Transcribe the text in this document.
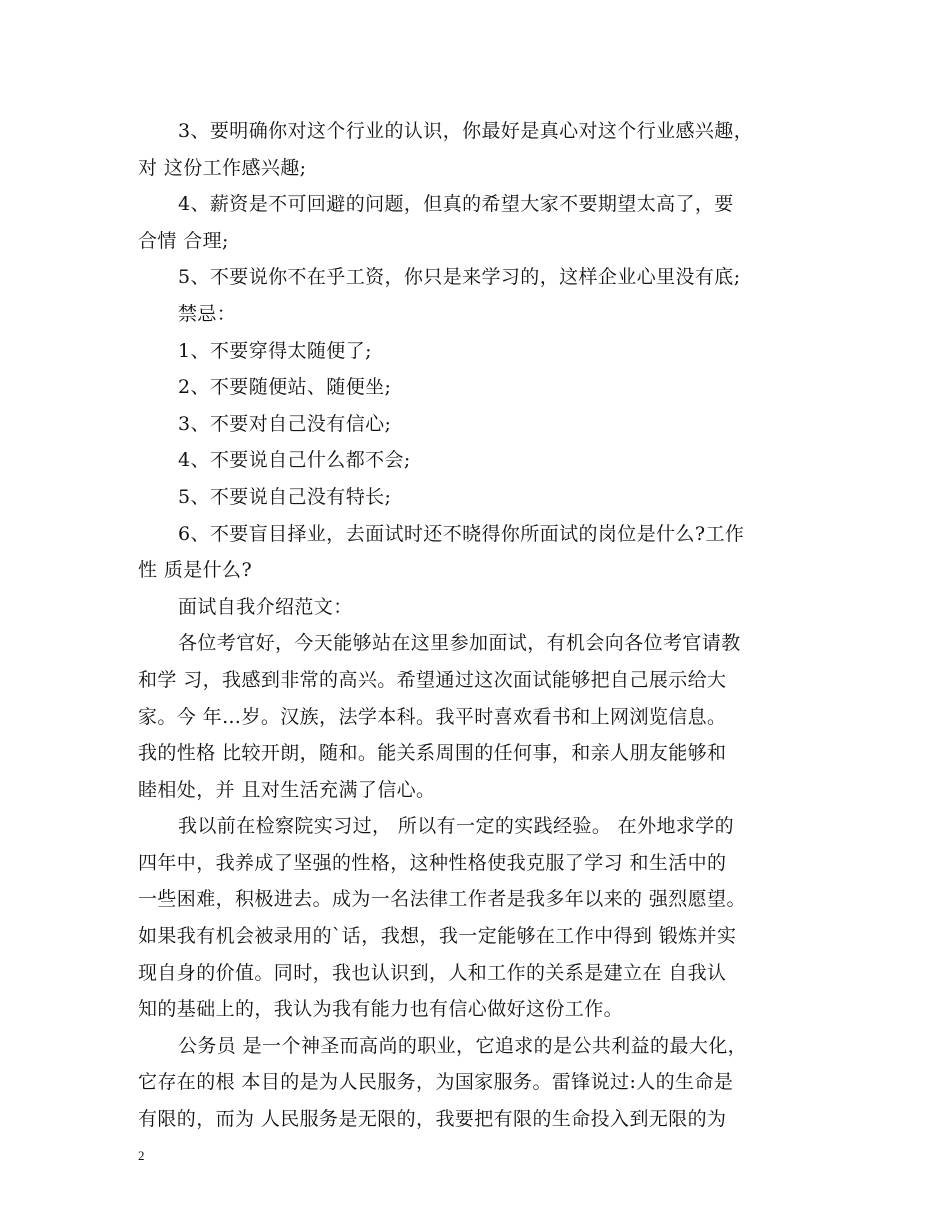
3、要明确你对这个行业的认识，你最好是真心对这个行业感兴趣，
对 这份工作感兴趣;
4、薪资是不可回避的问题，但真的希望大家不要期望太高了，要
合情 合理;
5、不要说你不在乎工资，你只是来学习的，这样企业心里没有底;
禁忌：
1、不要穿得太随便了;
2、不要随便站、随便坐;
3、不要对自己没有信心;
4、不要说自己什么都不会;
5、不要说自己没有特长;
6、不要盲目择业，去面试时还不晓得你所面试的岗位是什么?工作
性 质是什么?
面试自我介绍范文：
各位考官好，今天能够站在这里参加面试，有机会向各位考官请教
和学 习，我感到非常的高兴。希望通过这次面试能够把自己展示给大
家。今 年…岁。汉族，法学本科。我平时喜欢看书和上网浏览信息。
我的性格 比较开朗，随和。能关系周围的任何事，和亲人朋友能够和
睦相处，并 且对生活充满了信心。
我以前在检察院实习过， 所以有一定的实践经验。 在外地求学的
四年中，我养成了坚强的性格，这种性格使我克服了学习 和生活中的
一些困难，积极进去。成为一名法律工作者是我多年以来的 强烈愿望。
如果我有机会被录用的`话，我想，我一定能够在工作中得到 锻炼并实
现自身的价值。同时，我也认识到，人和工作的关系是建立在 自我认
知的基础上的，我认为我有能力也有信心做好这份工作。
公务员 是一个神圣而高尚的职业，它追求的是公共利益的最大化，
它存在的根 本目的是为人民服务，为国家服务。雷锋说过:人的生命是
有限的，而为 人民服务是无限的，我要把有限的生命投入到无限的为
2
